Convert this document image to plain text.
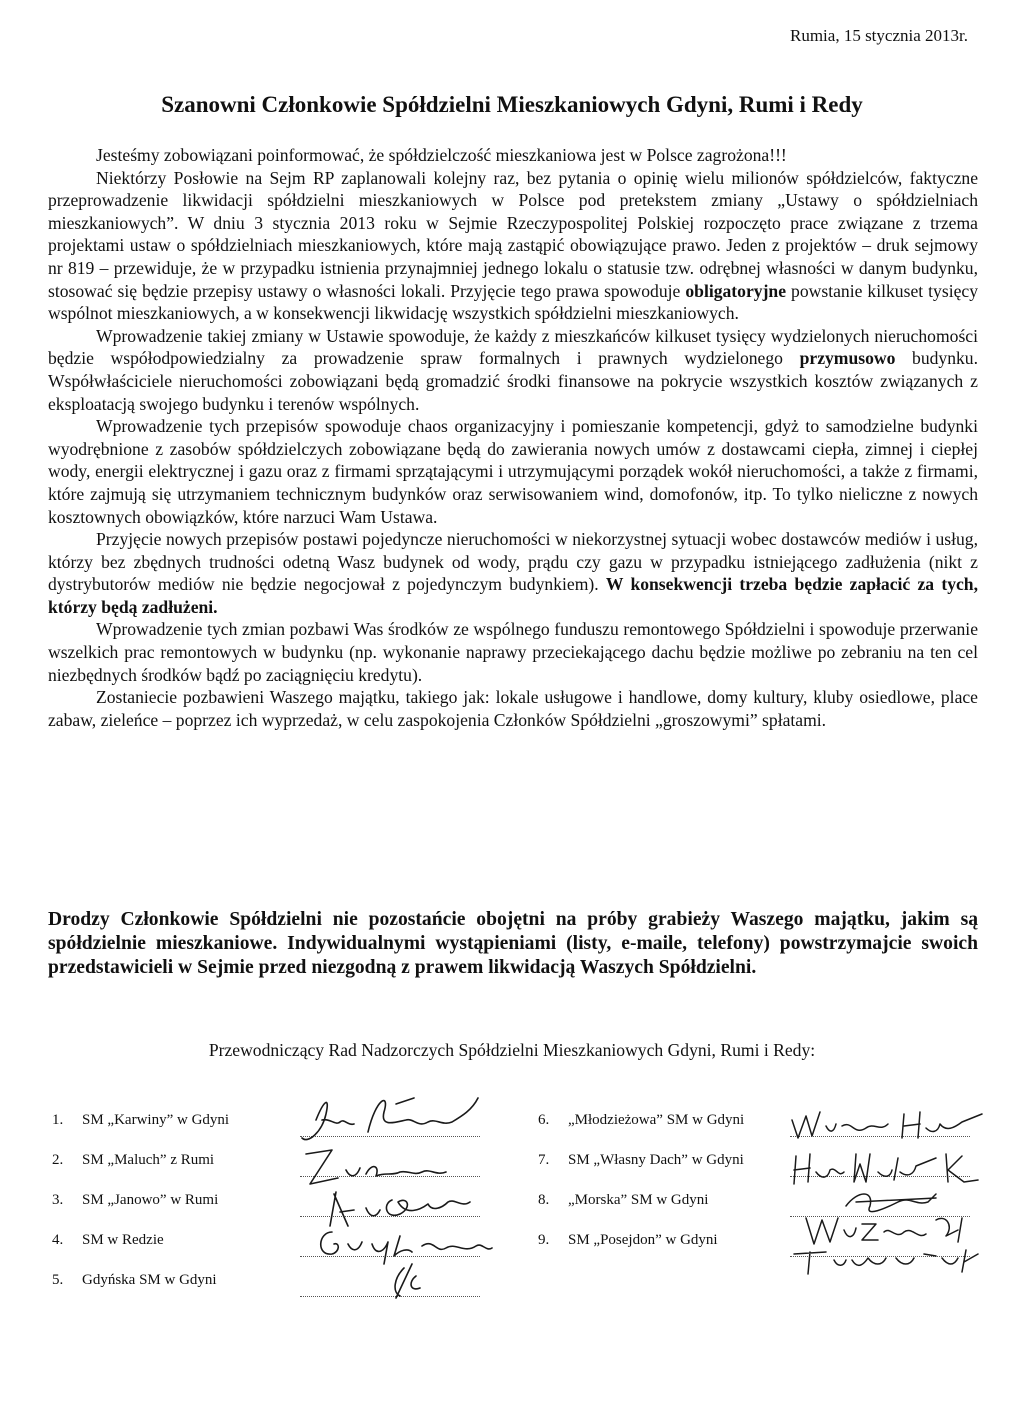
Rumia, 15 stycznia 2013r.
Szanowni Członkowie Spółdzielni Mieszkaniowych Gdyni, Rumi i Redy

Jesteśmy zobowiązani poinformować, że spółdzielczość mieszkaniowa jest w Polsce zagrożona!!!

Niektórzy Posłowie na Sejm RP zaplanowali kolejny raz, bez pytania o opinię wielu milionów spółdzielców, faktyczne przeprowadzenie likwidacji spółdzielni mieszkaniowych w Polsce pod pretekstem zmiany „Ustawy o spółdzielniach mieszkaniowych”. W dniu 3 stycznia 2013 roku w Sejmie Rzeczypospolitej Polskiej rozpoczęto prace związane z trzema projektami ustaw o spółdzielniach mieszkaniowych, które mają zastąpić obowiązujące prawo. Jeden z projektów – druk sejmowy nr 819 – przewiduje, że w przypadku istnienia przynajmniej jednego lokalu o statusie tzw. odrębnej własności w danym budynku, stosować się będzie przepisy ustawy o własności lokali. Przyjęcie tego prawa spowoduje obligatoryjne powstanie kilkuset tysięcy wspólnot mieszkaniowych, a w konsekwencji likwidację wszystkich spółdzielni mieszkaniowych.

Wprowadzenie takiej zmiany w Ustawie spowoduje, że każdy z mieszkańców kilkuset tysięcy wydzielonych nieruchomości będzie współodpowiedzialny za prowadzenie spraw formalnych i prawnych wydzielonego przymusowo budynku. Współwłaściciele nieruchomości zobowiązani będą gromadzić środki finansowe na pokrycie wszystkich kosztów związanych z eksploatacją swojego budynku i terenów wspólnych.

Wprowadzenie tych przepisów spowoduje chaos organizacyjny i pomieszanie kompetencji, gdyż to samodzielne budynki wyodrębnione z zasobów spółdzielczych zobowiązane będą do zawierania nowych umów z dostawcami ciepła, zimnej i ciepłej wody, energii elektrycznej i gazu oraz z firmami sprzątającymi i utrzymującymi porządek wokół nieruchomości, a także z firmami, które zajmują się utrzymaniem technicznym budynków oraz serwisowaniem wind, domofonów, itp. To tylko nieliczne z nowych kosztownych obowiązków, które narzuci Wam Ustawa.

Przyjęcie nowych przepisów postawi pojedyncze nieruchomości w niekorzystnej sytuacji wobec dostawców mediów i usług, którzy bez zbędnych trudności odetną Wasz budynek od wody, prądu czy gazu w przypadku istniejącego zadłużenia (nikt z dystrybutorów mediów nie będzie negocjował z pojedynczym budynkiem). W konsekwencji trzeba będzie zapłacić za tych, którzy będą zadłużeni.

Wprowadzenie tych zmian pozbawi Was środków ze wspólnego funduszu remontowego Spółdzielni i spowoduje przerwanie wszelkich prac remontowych w budynku (np. wykonanie naprawy przeciekającego dachu będzie możliwe po zebraniu na ten cel niezbędnych środków bądź po zaciągnięciu kredytu).

Zostaniecie pozbawieni Waszego majątku, takiego jak: lokale usługowe i handlowe, domy kultury, kluby osiedlowe, place zabaw, zieleńce – poprzez ich wyprzedaż, w celu zaspokojenia Członków Spółdzielni „groszowymi” spłatami.

Drodzy Członkowie Spółdzielni nie pozostańcie obojętni na próby grabieży Waszego majątku, jakim są spółdzielnie mieszkaniowe. Indywidualnymi wystąpieniami (listy, e-maile, telefony) powstrzymajcie swoich przedstawicieli w Sejmie przed niezgodną z prawem likwidacją Waszych Spółdzielni.

Przewodniczący Rad Nadzorczych Spółdzielni Mieszkaniowych Gdyni, Rumi i Redy:

1. SM „Karwiny” w Gdyni
2. SM „Maluch” z Rumi
3. SM „Janowo” w Rumi
4. SM w Redzie
5. Gdyńska SM w Gdyni
6. „Młodzieżowa” SM w Gdyni
7. SM „Własny Dach” w Gdyni
8. „Morska” SM w Gdyni
9. SM „Posejdon” w Gdyni
